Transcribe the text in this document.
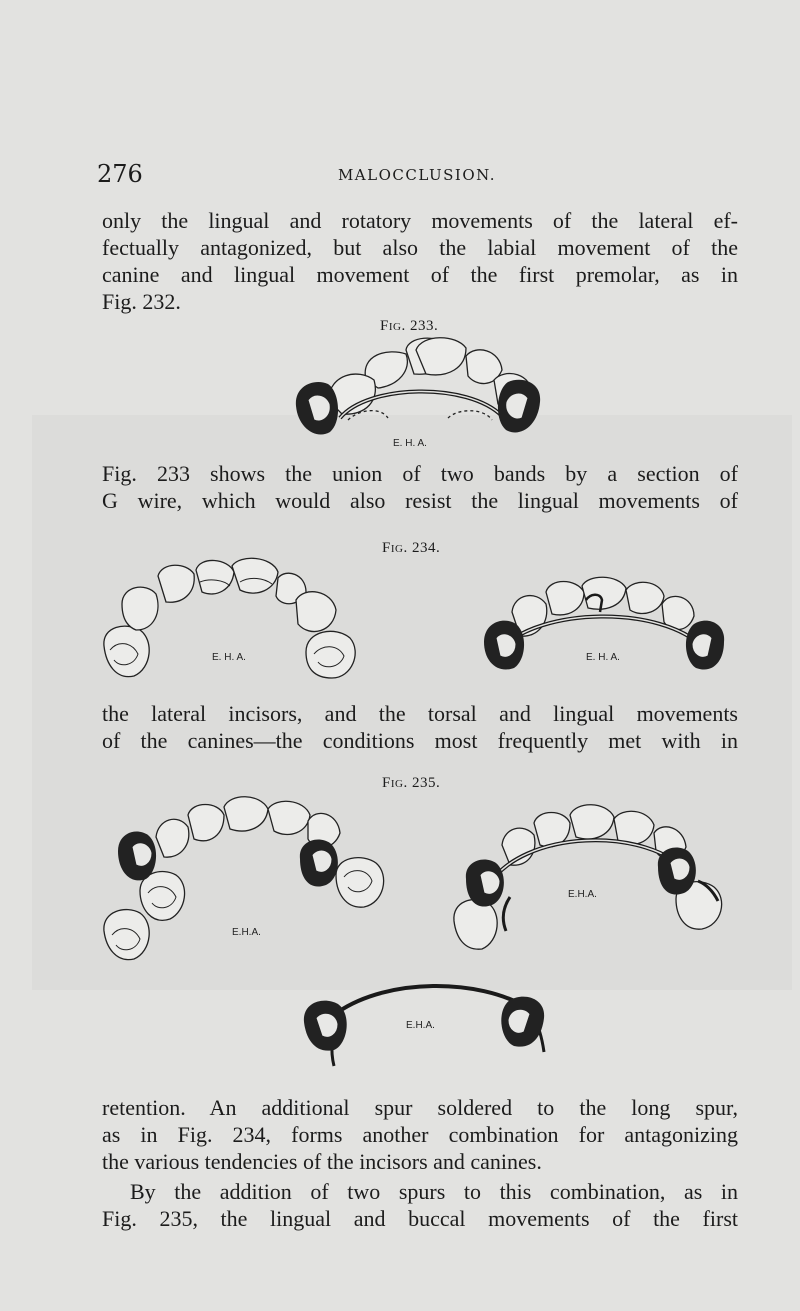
276	MALOCCLUSION.

only the lingual and rotatory movements of the lateral ef-
fectually antagonized, but also the labial movement of the
canine and lingual movement of the first premolar, as in
Fig. 232.

Fig. 233.
E. H. A.

Fig. 233 shows the union of two bands by a section of
G wire, which would also resist the lingual movements of

Fig. 234.
E. H. A.	E. H. A.

the lateral incisors, and the torsal and lingual movements
of the canines—the conditions most frequently met with in

Fig. 235.
E.H.A.
E.H.A.
E.H.A.

retention. An additional spur soldered to the long spur,
as in Fig. 234, forms another combination for antagonizing
the various tendencies of the incisors and canines.

By the addition of two spurs to this combination, as in
Fig. 235, the lingual and buccal movements of the first
